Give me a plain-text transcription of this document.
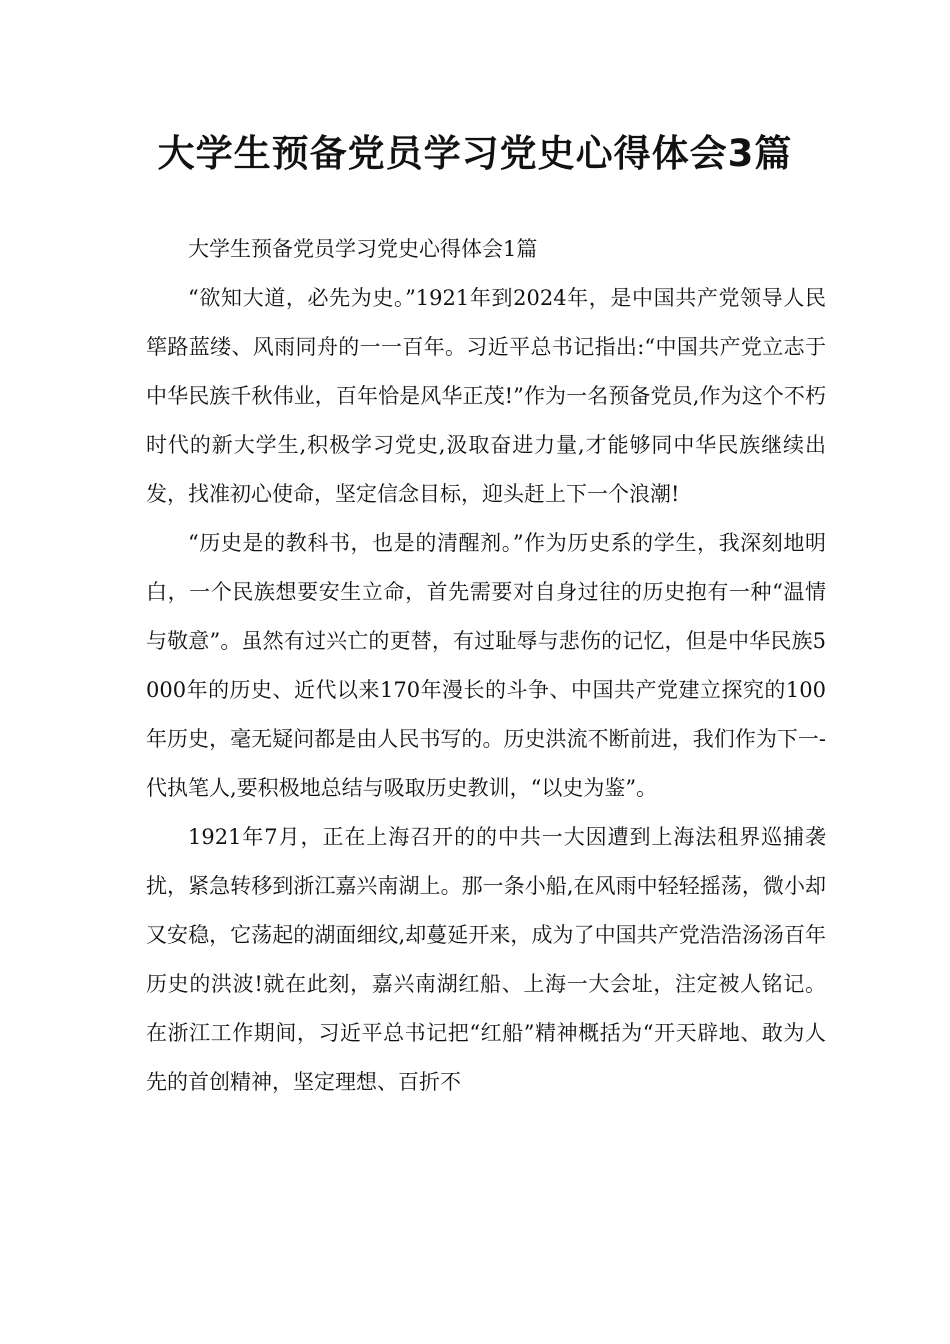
大学生预备党员学习党史心得体会3篇

大学生预备党员学习党史心得体会1篇

“欲知大道，必先为史。”1921年到2024年，是中国共产党领导人民筚路蓝缕、风雨同舟的一一百年。习近平总书记指出:“中国共产党立志于中华民族千秋伟业，百年恰是风华正茂!”作为一名预备党员,作为这个不朽时代的新大学生,积极学习党史,汲取奋进力量,才能够同中华民族继续出发，找准初心使命，坚定信念目标，迎头赶上下一个浪潮!

“历史是的教科书，也是的清醒剂。”作为历史系的学生，我深刻地明白，一个民族想要安生立命，首先需要对自身过往的历史抱有一种“温情与敬意”。虽然有过兴亡的更替，有过耻辱与悲伤的记忆，但是中华民族5000年的历史、近代以来170年漫长的斗争、中国共产党建立探究的100年历史，毫无疑问都是由人民书写的。历史洪流不断前进，我们作为下一-代执笔人,要积极地总结与吸取历史教训，“以史为鉴”。

1921年7月，正在上海召开的的中共一大因遭到上海法租界巡捕袭扰，紧急转移到浙江嘉兴南湖上。那一条小船,在风雨中轻轻摇荡，微小却又安稳，它荡起的湖面细纹,却蔓延开来，成为了中国共产党浩浩汤汤百年历史的洪波!就在此刻，嘉兴南湖红船、上海一大会址，注定被人铭记。在浙江工作期间，习近平总书记把“红船”精神概括为“开天辟地、敢为人先的首创精神，坚定理想、百折不
